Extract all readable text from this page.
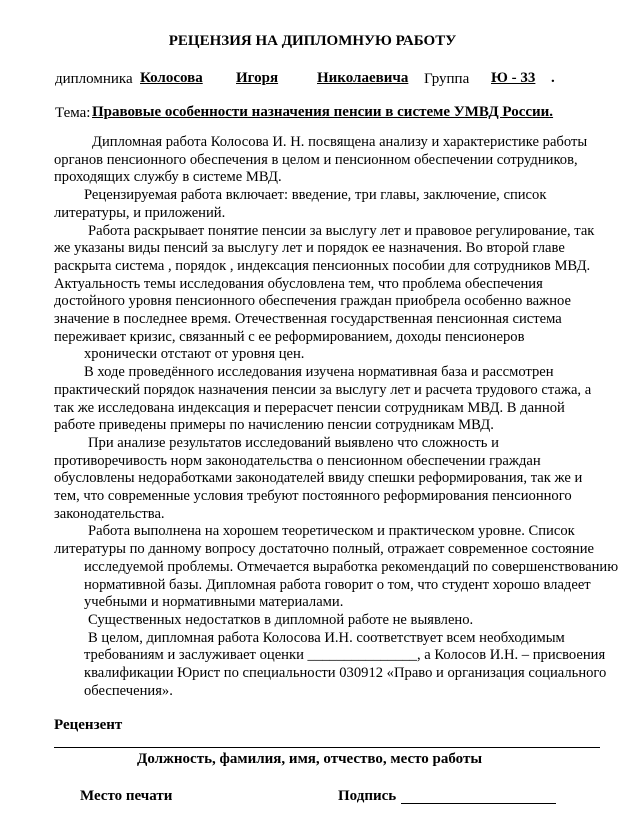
РЕЦЕНЗИЯ НА ДИПЛОМНУЮ РАБОТУ
дипломника Колосова Игоря	Николаевича Группа Ю - 33 .
Тема: Правовые особенности назначения пенсии в системе УМВД России.
Дипломная работа Колосова И. Н. посвящена анализу и характеристике работы
органов пенсионного обеспечения в целом и пенсионном обеспечении сотрудников,
проходящих службу в системе МВД.
Рецензируемая работа включает: введение, три главы, заключение, список
литературы, и приложений.
Работа раскрывает понятие пенсии за выслугу лет и правовое регулирование, так
же указаны виды пенсий за выслугу лет и порядок ее назначения. Во второй главе
раскрыта система , порядок , индексация пенсионных пособии для сотрудников МВД.
Актуальность темы исследования обусловлена тем, что проблема обеспечения
достойного уровня пенсионного обеспечения граждан приобрела особенно важное
значение в последнее время. Отечественная государственная пенсионная система
переживает кризис, связанный с ее реформированием, доходы пенсионеров
хронически отстают от уровня цен.
В ходе проведённого исследования изучена нормативная база и рассмотрен
практический порядок назначения пенсии за выслугу лет и расчета трудового стажа, а
так же исследована индексация и перерасчет пенсии сотрудникам МВД. В данной
работе приведены примеры по начислению пенсии сотрудникам МВД.
При анализе результатов исследований выявлено что сложность и
противоречивость норм законодательства о пенсионном обеспечении граждан
обусловлены недоработками законодателей ввиду спешки реформирования, так же и
тем, что современные условия требуют постоянного реформирования пенсионного
законодательства.
Работа выполнена на хорошем теоретическом и практическом уровне. Список
литературы по данному вопросу достаточно полный, отражает современное состояние
исследуемой проблемы. Отмечается выработка рекомендаций по совершенствованию
нормативной базы. Дипломная работа говорит о том, что студент хорошо владеет
учебными и нормативными материалами.
Существенных недостатков в дипломной работе не выявлено.
В целом, дипломная работа Колосова И.Н. соответствует всем необходимым
требованиям и заслуживает оценки _______________, а Колосов И.Н. – присвоения
квалификации Юрист по специальности 030912 «Право и организация социального
обеспечения».
Рецензент
Должность, фамилия, имя, отчество, место работы
Место печати	Подпись
